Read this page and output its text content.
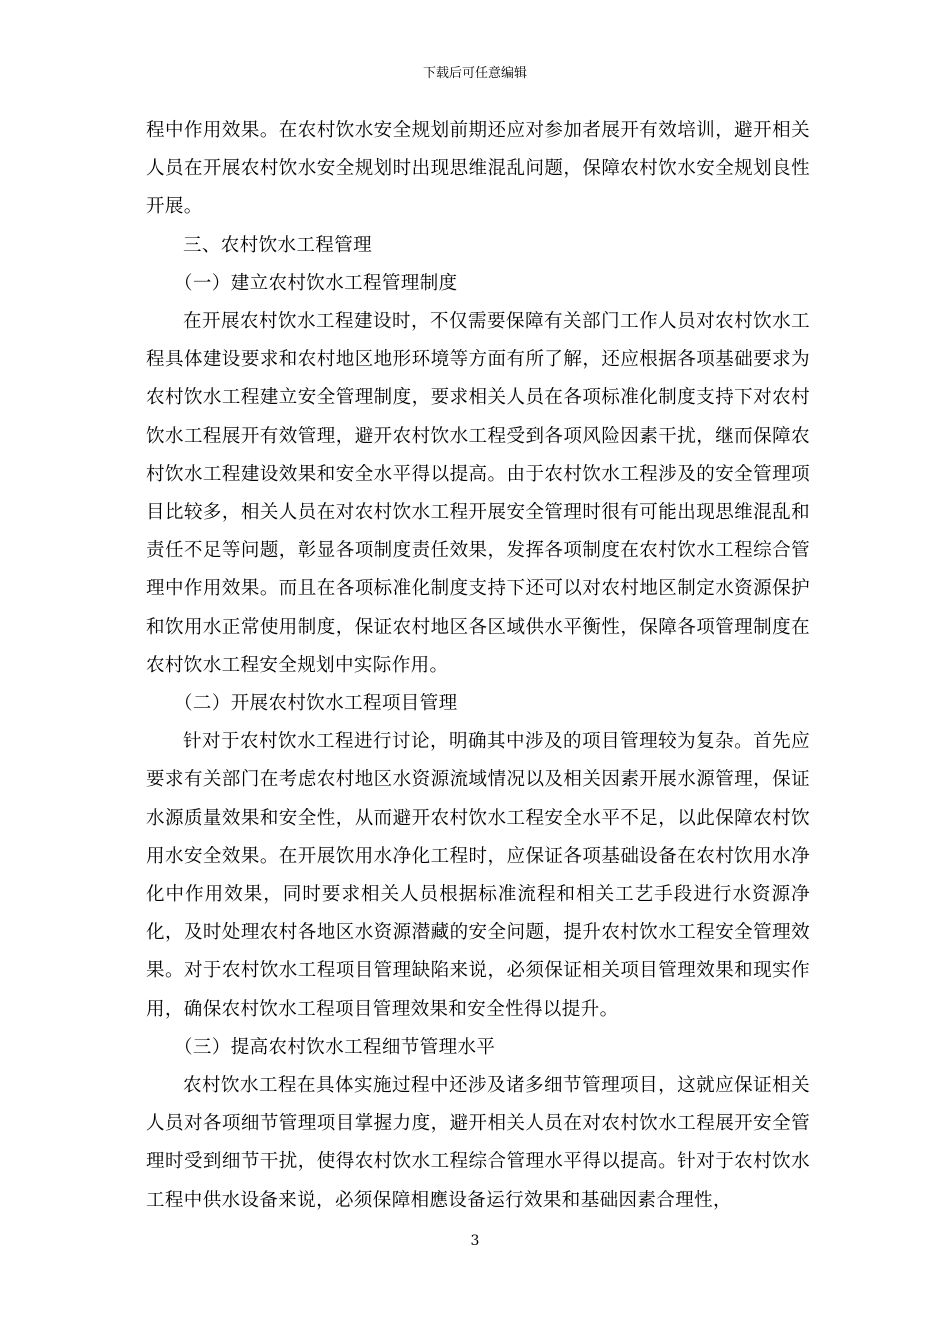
下载后可任意编辑

程中作用效果。在农村饮水安全规划前期还应对参加者展开有效培训，避开相关人员在开展农村饮水安全规划时出现思维混乱问题，保障农村饮水安全规划良性开展。

三、农村饮水工程管理

（一）建立农村饮水工程管理制度

在开展农村饮水工程建设时，不仅需要保障有关部门工作人员对农村饮水工程具体建设要求和农村地区地形环境等方面有所了解，还应根据各项基础要求为农村饮水工程建立安全管理制度，要求相关人员在各项标准化制度支持下对农村饮水工程展开有效管理，避开农村饮水工程受到各项风险因素干扰，继而保障农村饮水工程建设效果和安全水平得以提高。由于农村饮水工程涉及的安全管理项目比较多，相关人员在对农村饮水工程开展安全管理时很有可能出现思维混乱和责任不足等问题，彰显各项制度责任效果，发挥各项制度在农村饮水工程综合管理中作用效果。而且在各项标准化制度支持下还可以对农村地区制定水资源保护和饮用水正常使用制度，保证农村地区各区域供水平衡性，保障各项管理制度在农村饮水工程安全规划中实际作用。

（二）开展农村饮水工程项目管理

针对于农村饮水工程进行讨论，明确其中涉及的项目管理较为复杂。首先应要求有关部门在考虑农村地区水资源流域情况以及相关因素开展水源管理，保证水源质量效果和安全性，从而避开农村饮水工程安全水平不足，以此保障农村饮用水安全效果。在开展饮用水净化工程时，应保证各项基础设备在农村饮用水净化中作用效果，同时要求相关人员根据标准流程和相关工艺手段进行水资源净化，及时处理农村各地区水资源潜藏的安全问题，提升农村饮水工程安全管理效果。对于农村饮水工程项目管理缺陷来说，必须保证相关项目管理效果和现实作用，确保农村饮水工程项目管理效果和安全性得以提升。

（三）提高农村饮水工程细节管理水平

农村饮水工程在具体实施过程中还涉及诸多细节管理项目，这就应保证相关人员对各项细节管理项目掌握力度，避开相关人员在对农村饮水工程展开安全管理时受到细节干扰，使得农村饮水工程综合管理水平得以提高。针对于农村饮水工程中供水设备来说，必须保障相應设备运行效果和基础因素合理性，

3
